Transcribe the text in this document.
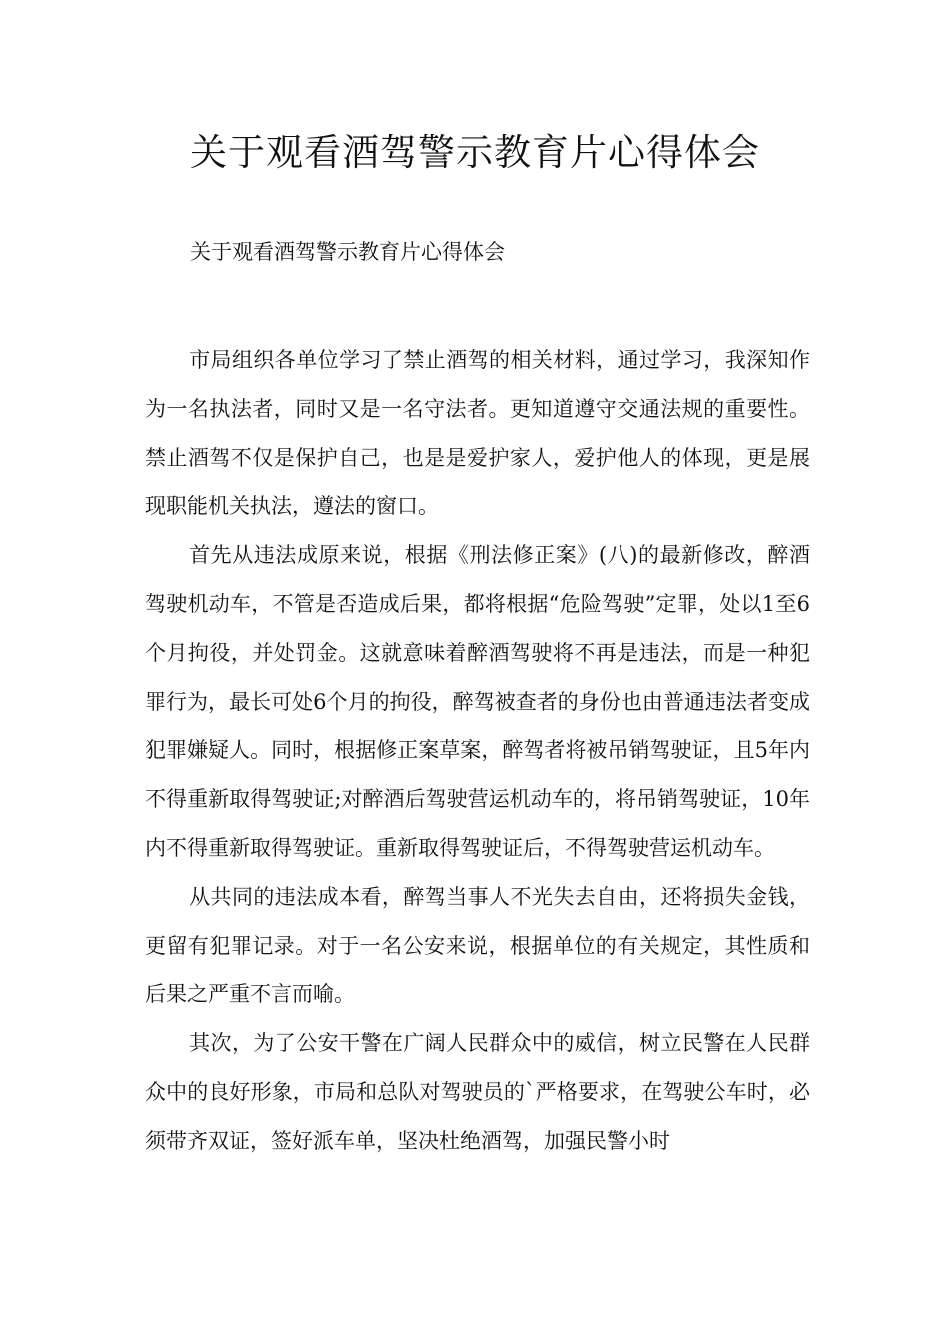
关于观看酒驾警示教育片心得体会
关于观看酒驾警示教育片心得体会

市局组织各单位学习了禁止酒驾的相关材料，通过学习，我深知作为一名执法者，同时又是一名守法者。更知道遵守交通法规的重要性。禁止酒驾不仅是保护自己，也是是爱护家人，爱护他人的体现，更是展现职能机关执法，遵法的窗口。

首先从违法成原来说，根据《刑法修正案》(八)的最新修改，醉酒驾驶机动车，不管是否造成后果，都将根据“危险驾驶”定罪，处以1至6个月拘役，并处罚金。这就意味着醉酒驾驶将不再是违法，而是一种犯罪行为，最长可处6个月的拘役，醉驾被查者的身份也由普通违法者变成犯罪嫌疑人。同时，根据修正案草案，醉驾者将被吊销驾驶证，且5年内不得重新取得驾驶证;对醉酒后驾驶营运机动车的，将吊销驾驶证，10年内不得重新取得驾驶证。重新取得驾驶证后，不得驾驶营运机动车。

从共同的违法成本看，醉驾当事人不光失去自由，还将损失金钱，更留有犯罪记录。对于一名公安来说，根据单位的有关规定，其性质和后果之严重不言而喻。

其次，为了公安干警在广阔人民群众中的威信，树立民警在人民群众中的良好形象，市局和总队对驾驶员的`严格要求，在驾驶公车时，必须带齐双证，签好派车单，坚决杜绝酒驾，加强民警小时
